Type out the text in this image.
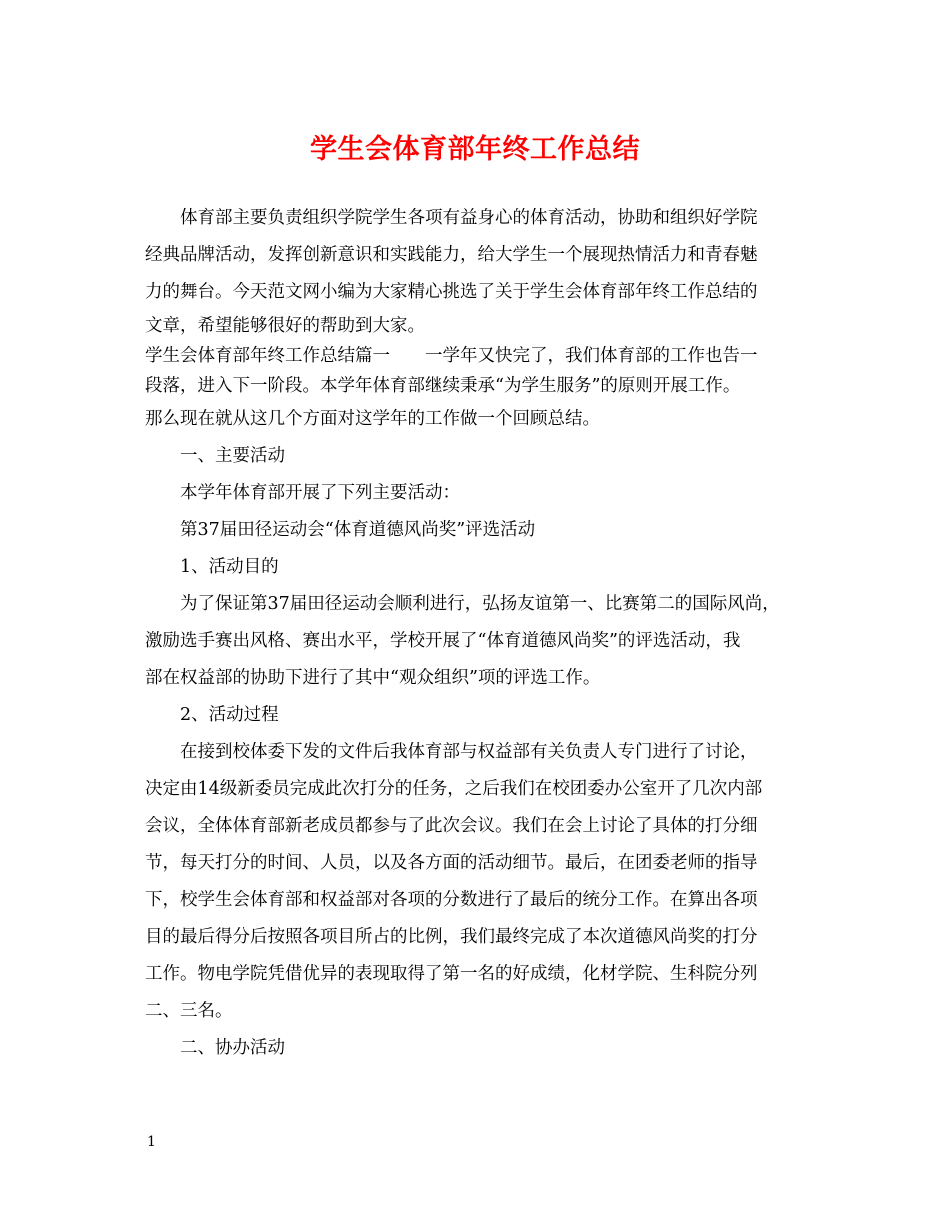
学生会体育部年终工作总结
体育部主要负责组织学院学生各项有益身心的体育活动，协助和组织好学院
经典品牌活动，发挥创新意识和实践能力，给大学生一个展现热情活力和青春魅
力的舞台。今天范文网小编为大家精心挑选了关于学生会体育部年终工作总结的
文章，希望能够很好的帮助到大家。
学生会体育部年终工作总结篇一　　一学年又快完了，我们体育部的工作也告一
段落，进入下一阶段。本学年体育部继续秉承“为学生服务”的原则开展工作。
那么现在就从这几个方面对这学年的工作做一个回顾总结。
一、主要活动
本学年体育部开展了下列主要活动：
第37届田径运动会“体育道德风尚奖”评选活动
1、活动目的
为了保证第37届田径运动会顺利进行，弘扬友谊第一、比赛第二的国际风尚，
激励选手赛出风格、赛出水平，学校开展了“体育道德风尚奖”的评选活动，我
部在权益部的协助下进行了其中“观众组织”项的评选工作。
2、活动过程
在接到校体委下发的文件后我体育部与权益部有关负责人专门进行了讨论，
决定由14级新委员完成此次打分的任务，之后我们在校团委办公室开了几次内部
会议，全体体育部新老成员都参与了此次会议。我们在会上讨论了具体的打分细
节，每天打分的时间、人员，以及各方面的活动细节。最后，在团委老师的指导
下，校学生会体育部和权益部对各项的分数进行了最后的统分工作。在算出各项
目的最后得分后按照各项目所占的比例，我们最终完成了本次道德风尚奖的打分
工作。物电学院凭借优异的表现取得了第一名的好成绩，化材学院、生科院分列
二、三名。
二、协办活动
1
